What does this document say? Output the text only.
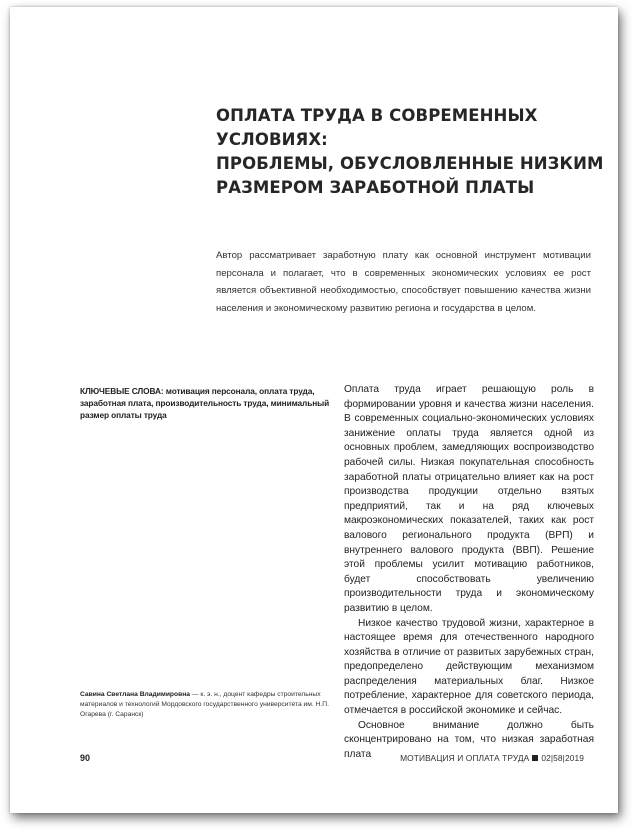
ОПЛАТА ТРУДА В СОВРЕМЕННЫХ УСЛОВИЯХ:
ПРОБЛЕМЫ, ОБУСЛОВЛЕННЫЕ НИЗКИМ
РАЗМЕРОМ ЗАРАБОТНОЙ ПЛАТЫ
Автор рассматривает заработную плату как основной инструмент мотивации персонала и полагает, что в современных экономических условиях ее рост является объективной необходимостью, способствует повышению качества жизни населения и экономическому развитию региона и государства в целом.
КЛЮЧЕВЫЕ СЛОВА: мотивация персонала, оплата труда, заработная плата, производительность труда, минимальный размер оплаты труда

Оплата труда играет решающую роль в формировании уровня и качества жизни населения. В современных социально-экономических условиях занижение оплаты труда является одной из основных проблем, замедляющих воспроизводство рабочей силы. Низкая покупательная способность заработной платы отрицательно влияет как на рост производства продукции отдельно взятых предприятий, так и на ряд ключевых макроэкономических показателей, таких как рост валового регионального продукта (ВРП) и внутреннего валового продукта (ВВП). Решение этой проблемы усилит мотивацию работников, будет способствовать увеличению производительности труда и экономическому развитию в целом.

Низкое качество трудовой жизни, характерное в настоящее время для отечественного народного хозяйства в отличие от развитых зарубежных стран, предопределено действующим механизмом распределения материальных благ. Низкое потребление, характерное для советского периода, отмечается в российской экономике и сейчас.

Основное внимание должно быть сконцентрировано на том, что низкая заработная плата

Савина Светлана Владимировна — к. э. н., доцент кафедры строительных материалов и технологий Мордовского государственного университета им. Н.П. Огарева (г. Саранск)
90	МОТИВАЦИЯ И ОПЛАТА ТРУДА 02|58|2019
